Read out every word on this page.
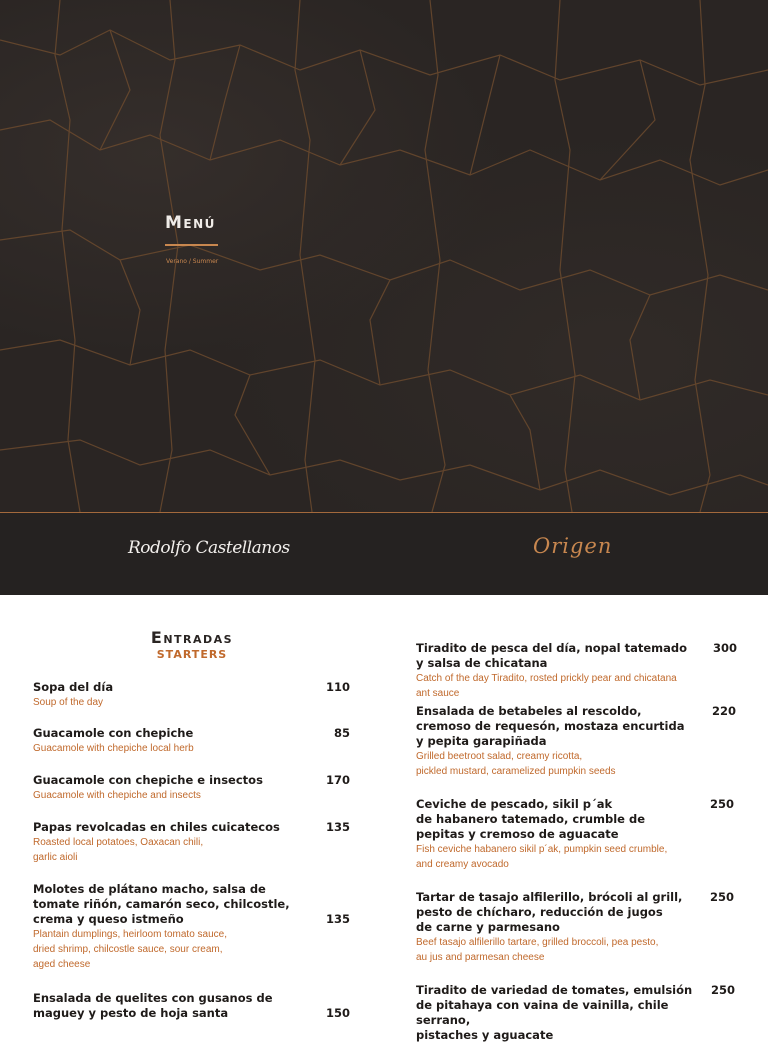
Menú
Verano / Summer
Rodolfo Castellanos	Origen
Entradas
STARTERS
Sopa del día
Soup of the day
110
Guacamole con chepiche
Guacamole with chepiche local herb
85
Guacamole con chepiche e insectos
Guacamole with chepiche and insects
170
Papas revolcadas en chiles cuicatecos
Roasted local potatoes, Oaxacan chili,
garlic aioli
135
Molotes de plátano macho, salsa de
tomate riñón, camarón seco, chilcostle,
crema y queso istmeño
Plantain dumplings, heirloom tomato sauce,
dried shrimp, chilcostle sauce, sour cream,
aged cheese
135
Ensalada de quelites con gusanos de
maguey y pesto de hoja santa	150
Tiradito de pesca del día, nopal tatemado
y salsa de chicatana
Catch of the day Tiradito, rosted prickly pear and chicatana
ant sauce
300
Ensalada de betabeles al rescoldo,
cremoso de requesón, mostaza encurtida
y pepita garapiñada
Grilled beetroot salad, creamy ricotta,
pickled mustard, caramelized pumpkin seeds
220
Ceviche de pescado, sikil p´ak
de habanero tatemado, crumble de
pepitas y cremoso de aguacate
Fish ceviche habanero sikil p´ak, pumpkin seed crumble,
and creamy avocado
250
Tartar de tasajo alfilerillo, brócoli al grill,
pesto de chícharo, reducción de jugos
de carne y parmesano
Beef tasajo alfilerillo tartare, grilled broccoli, pea pesto,
au jus and parmesan cheese
250
Tiradito de variedad de tomates, emulsión
de pitahaya con vaina de vainilla, chile serrano,
pistaches y aguacate
250
